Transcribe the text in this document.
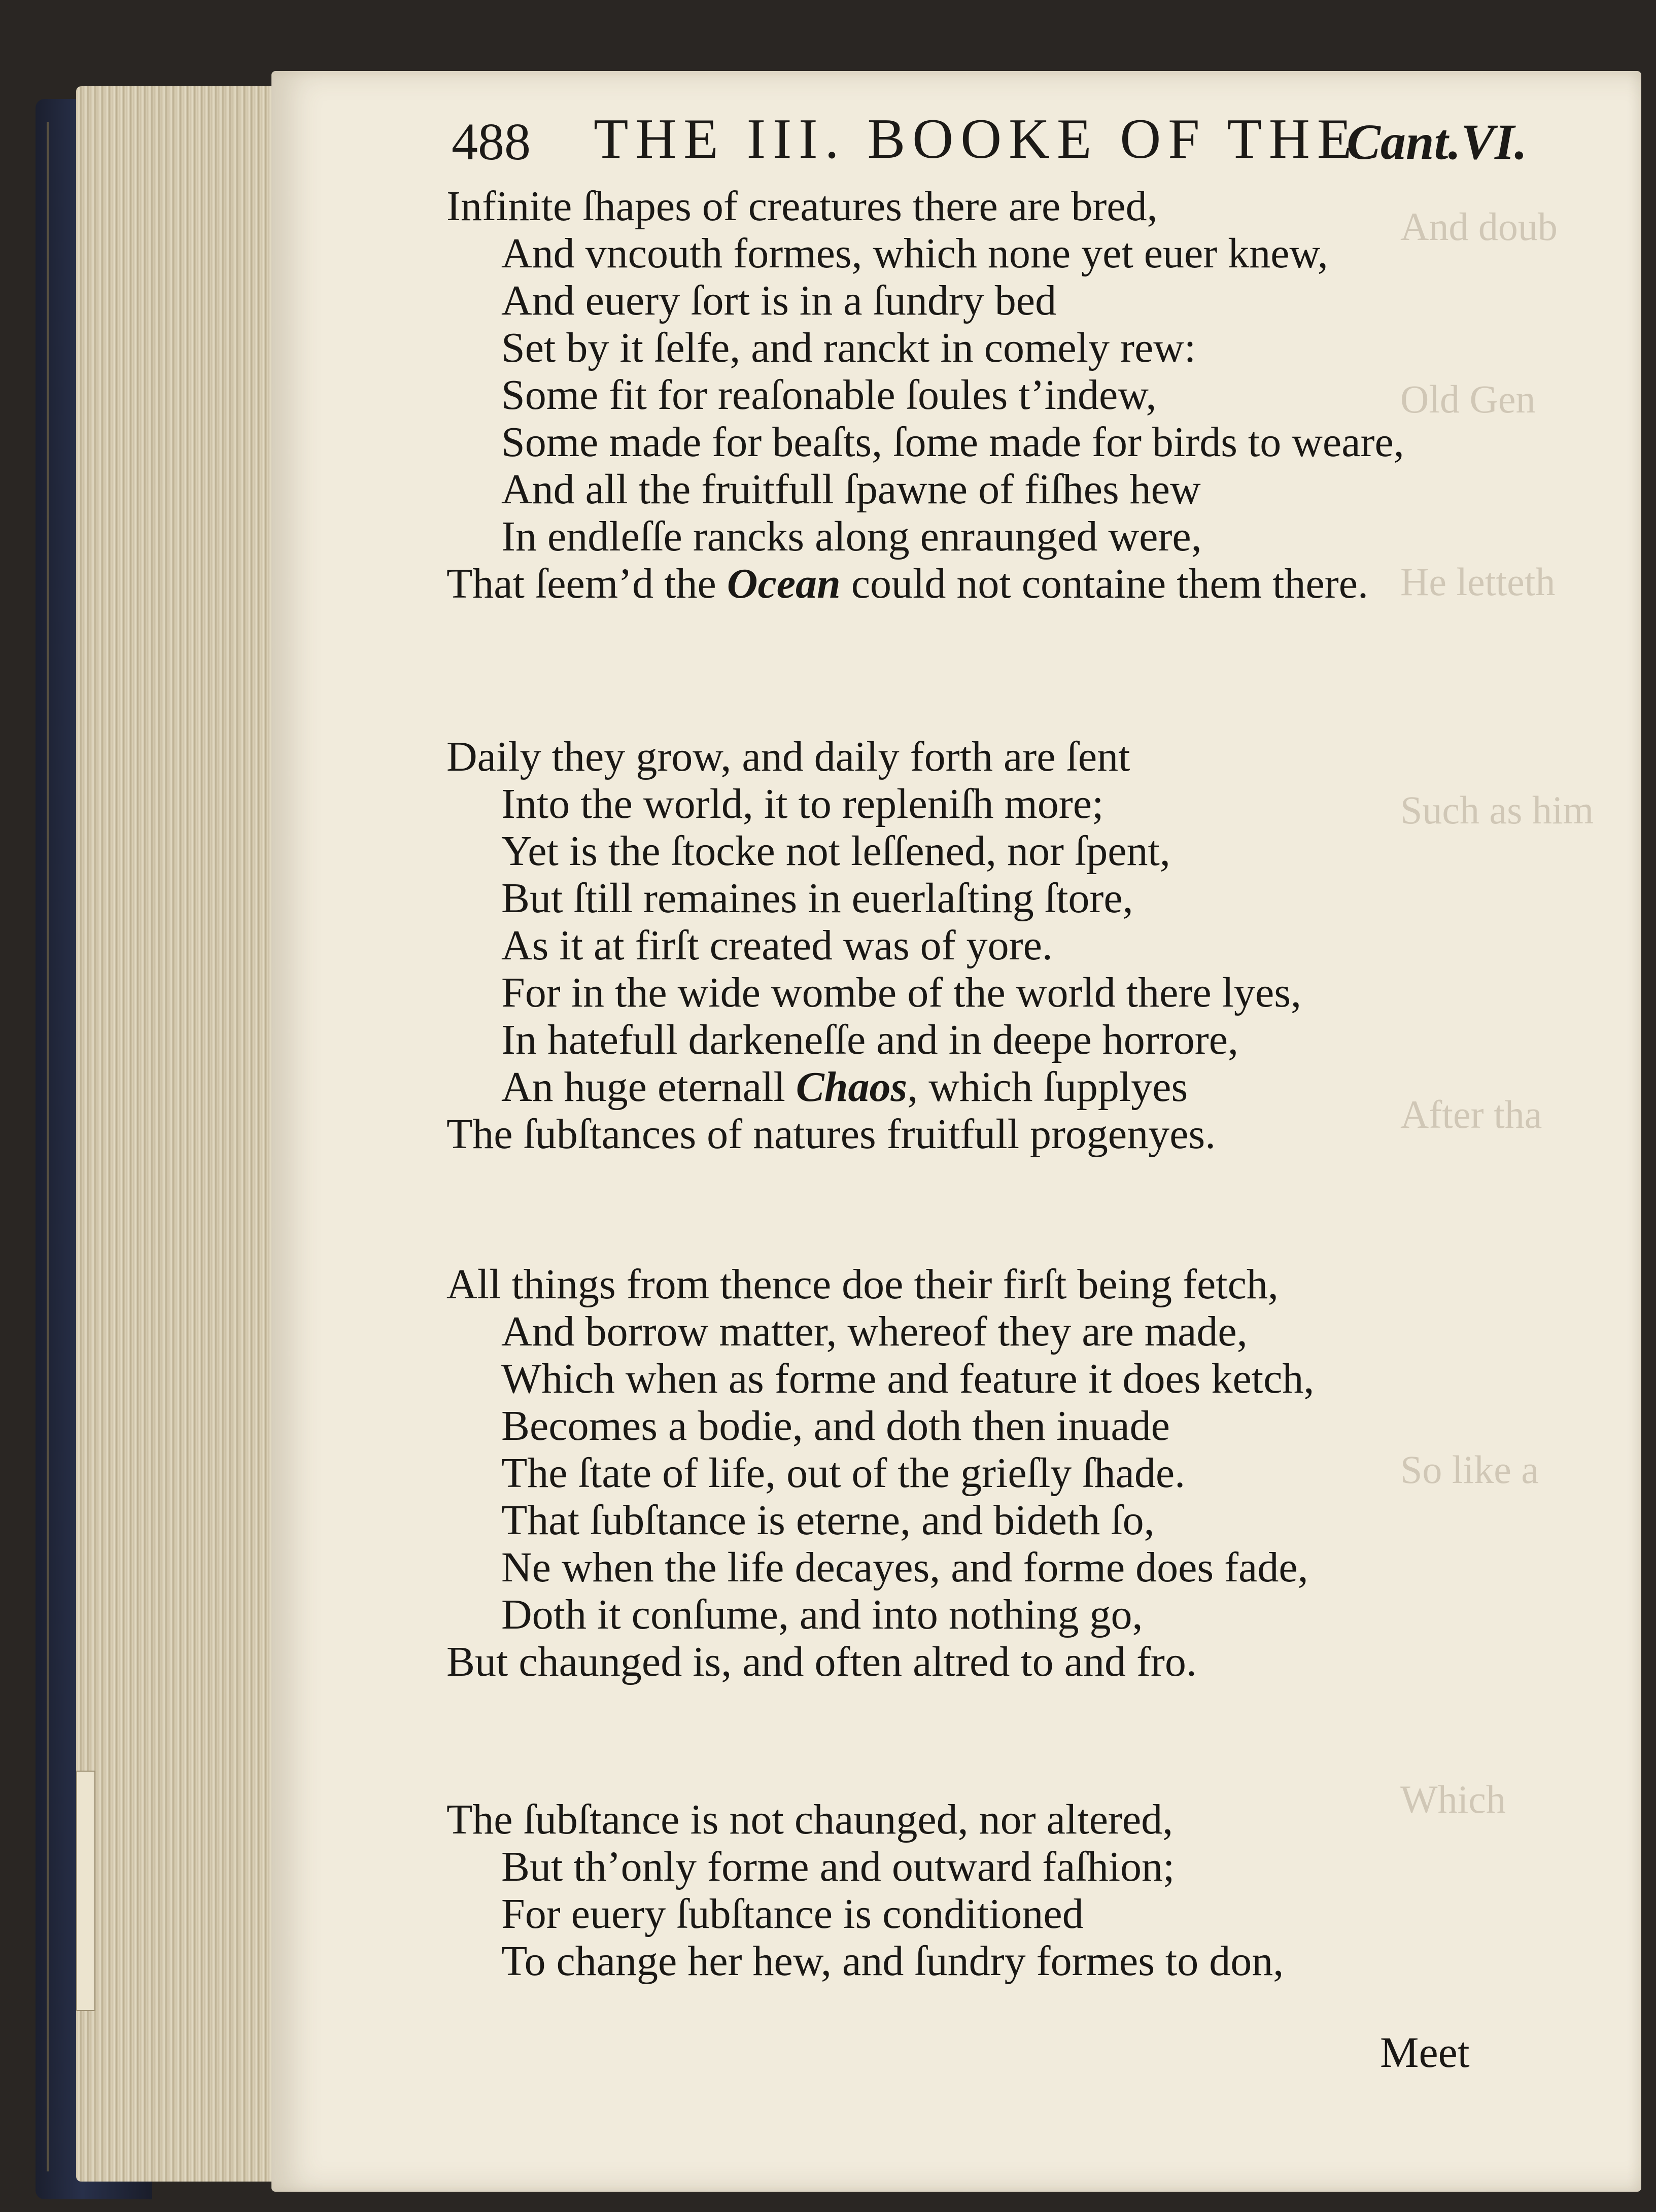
And doub
Old Gen
He letteth
Such as him
After tha
So like a
Which
488 THE III. BOOKE OF THE
Cant.VI.
Infinite ſhapes of creatures there are bred,
And vncouth formes, which none yet euer knew,
And euery ſort is in a ſundry bed
Set by it ſelfe, and ranckt in comely rew:
Some fit for reaſonable ſoules t’indew,
Some made for beaſts, ſome made for birds to weare,
And all the fruitfull ſpawne of fiſhes hew
In endleſſe rancks along enraunged were,
That ſeem’d the Ocean could not containe them there.
Daily they grow, and daily forth are ſent
Into the world, it to repleniſh more;
Yet is the ſtocke not leſſened, nor ſpent,
But ſtill remaines in euerlaſting ſtore,
As it at firſt created was of yore.
For in the wide wombe of the world there lyes,
In hatefull darkeneſſe and in deepe horrore,
An huge eternall Chaos, which ſupplyes
The ſubſtances of natures fruitfull progenyes.
All things from thence doe their firſt being fetch,
And borrow matter, whereof they are made,
Which when as forme and feature it does ketch,
Becomes a bodie, and doth then inuade
The ſtate of life, out of the grieſly ſhade.
That ſubſtance is eterne, and bideth ſo,
Ne when the life decayes, and forme does fade,
Doth it conſume, and into nothing go,
But chaunged is, and often altred to and fro.
The ſubſtance is not chaunged, nor altered,
But th’only forme and outward faſhion;
For euery ſubſtance is conditioned
To change her hew, and ſundry formes to don,
Meet
